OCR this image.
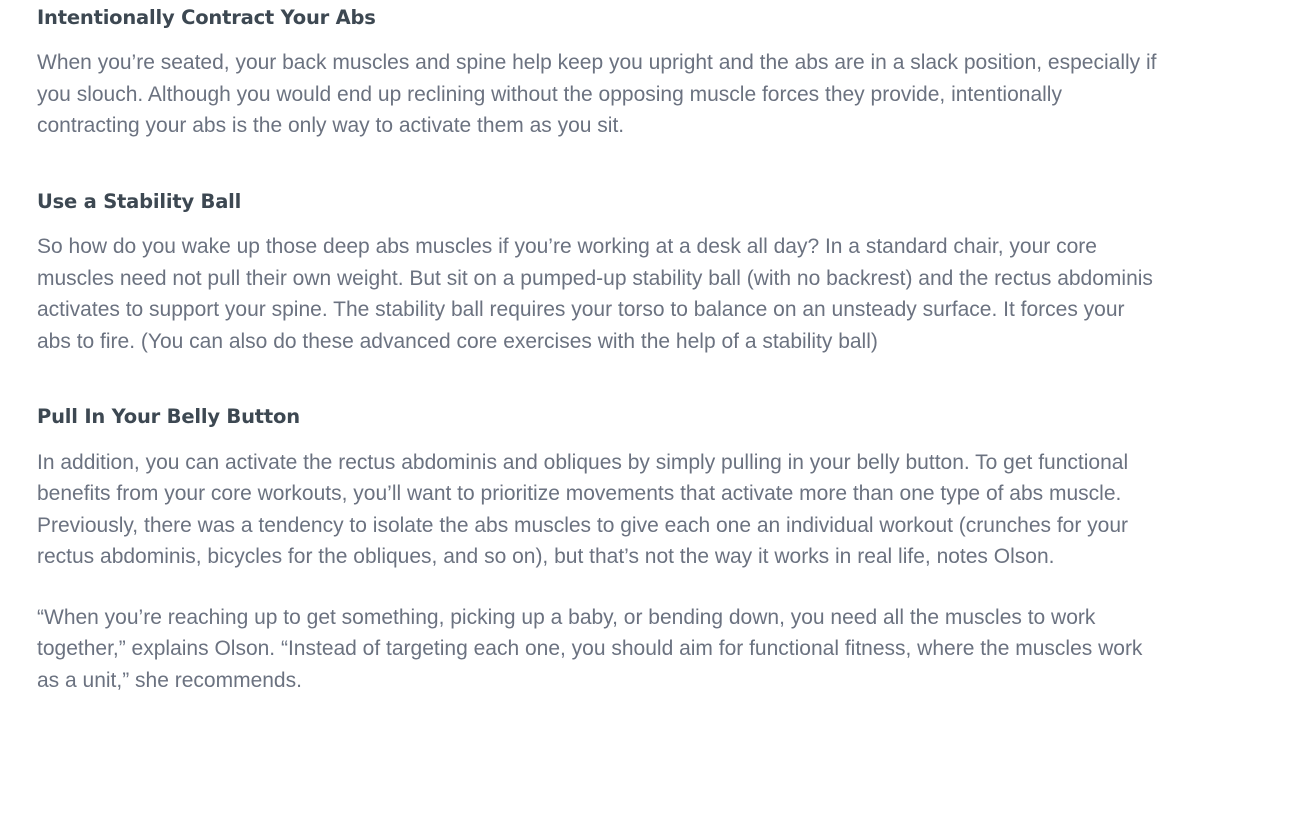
Intentionally Contract Your Abs

When you’re seated, your back muscles and spine help keep you upright and the abs are in a slack position, especially if you slouch. Although you would end up reclining without the opposing muscle forces they provide, intentionally contracting your abs is the only way to activate them as you sit.

Use a Stability Ball

So how do you wake up those deep abs muscles if you’re working at a desk all day? In a standard chair, your core muscles need not pull their own weight. But sit on a pumped-up stability ball (with no backrest) and the rectus abdominis activates to support your spine. The stability ball requires your torso to balance on an unsteady surface. It forces your abs to fire. (You can also do these advanced core exercises with the help of a stability ball)

Pull In Your Belly Button

In addition, you can activate the rectus abdominis and obliques by simply pulling in your belly button. To get functional benefits from your core workouts, you’ll want to prioritize movements that activate more than one type of abs muscle. Previously, there was a tendency to isolate the abs muscles to give each one an individual workout (crunches for your rectus abdominis, bicycles for the obliques, and so on), but that’s not the way it works in real life, notes Olson.

“When you’re reaching up to get something, picking up a baby, or bending down, you need all the muscles to work together,” explains Olson. “Instead of targeting each one, you should aim for functional fitness, where the muscles work as a unit,” she recommends.
